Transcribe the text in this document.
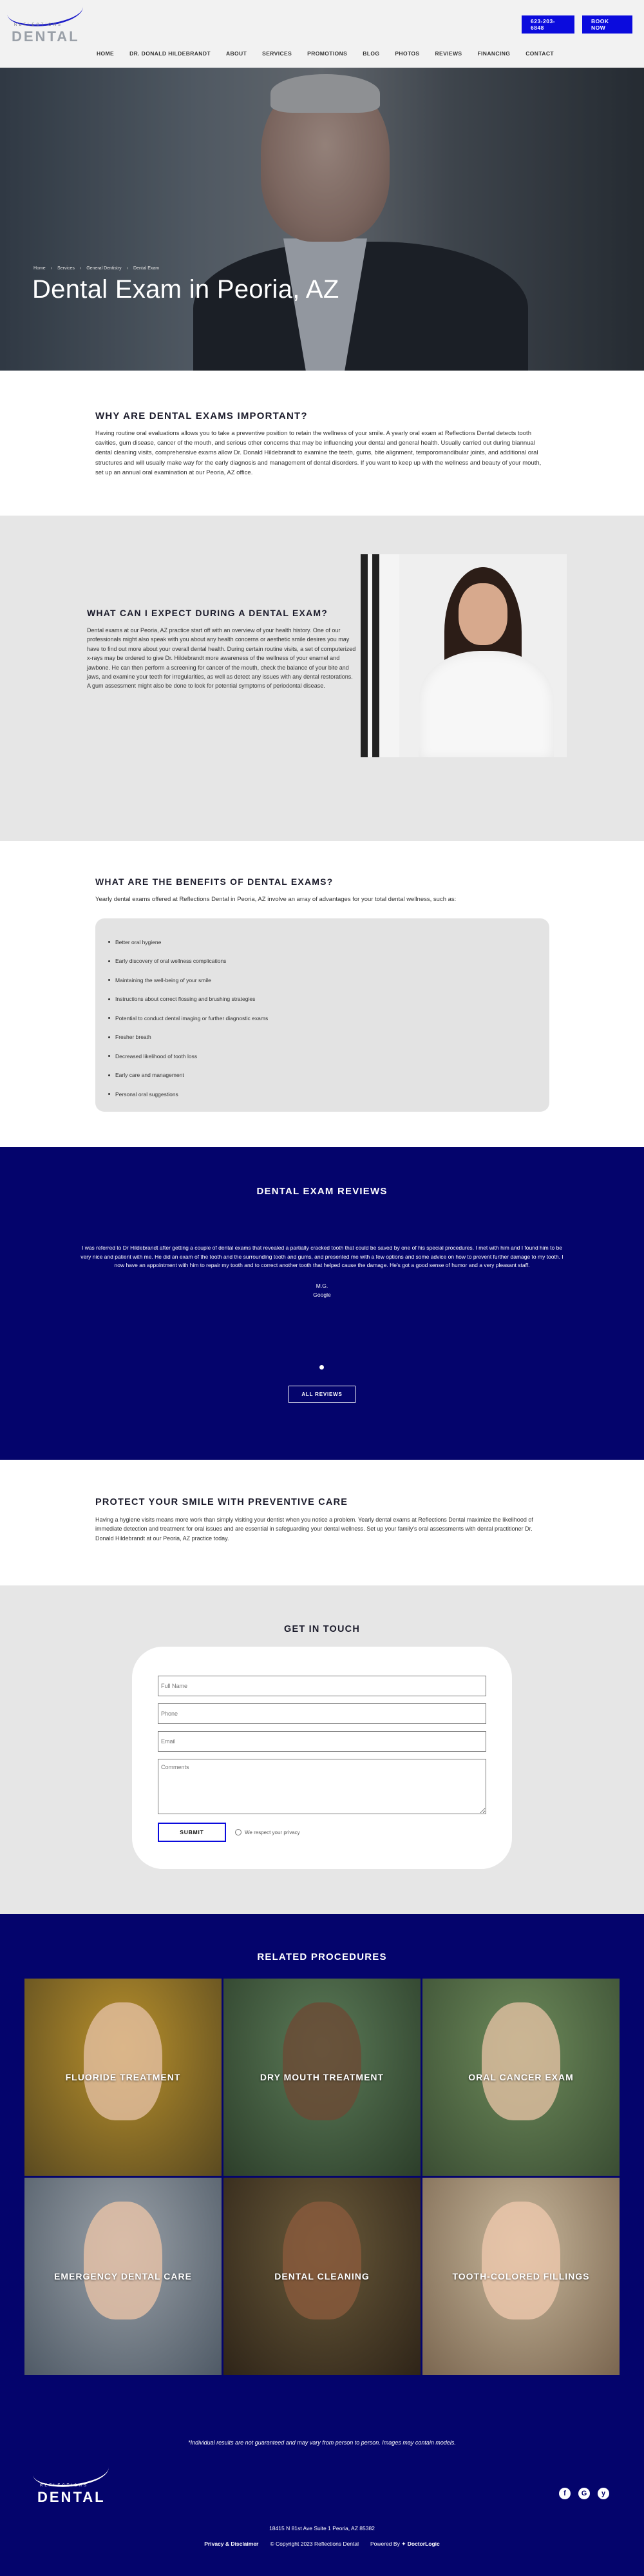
REFLECTIONS
DENTAL
623-203-6848
BOOK NOW
HOME	DR. DONALD HILDEBRANDT	ABOUT	SERVICES	PROMOTIONS	BLOG	PHOTOS	REVIEWS	FINANCING	CONTACT
Home › Services › General Dentistry › Dental Exam
Dental Exam in Peoria, AZ
WHY ARE DENTAL EXAMS IMPORTANT?

Having routine oral evaluations allows you to take a preventive position to retain the wellness of your smile. A yearly oral exam at Reflections Dental detects tooth cavities, gum disease, cancer of the mouth, and serious other concerns that may be influencing your dental and general health. Usually carried out during biannual dental cleaning visits, comprehensive exams allow Dr. Donald Hildebrandt to examine the teeth, gums, bite alignment, temporomandibular joints, and additional oral structures and will usually make way for the early diagnosis and management of dental disorders. If you want to keep up with the wellness and beauty of your mouth, set up an annual oral examination at our Peoria, AZ office.

WHAT CAN I EXPECT DURING A DENTAL EXAM?

Dental exams at our Peoria, AZ practice start off with an overview of your health history. One of our professionals might also speak with you about any health concerns or aesthetic smile desires you may have to find out more about your overall dental health. During certain routine visits, a set of computerized x-rays may be ordered to give Dr. Hildebrandt more awareness of the wellness of your enamel and jawbone. He can then perform a screening for cancer of the mouth, check the balance of your bite and jaws, and examine your teeth for irregularities, as well as detect any issues with any dental restorations. A gum assessment might also be done to look for potential symptoms of periodontal disease.

WHAT ARE THE BENEFITS OF DENTAL EXAMS?

Yearly dental exams offered at Reflections Dental in Peoria, AZ involve an array of advantages for your total dental wellness, such as:

Better oral hygiene
Early discovery of oral wellness complications
Maintaining the well-being of your smile
Instructions about correct flossing and brushing strategies
Potential to conduct dental imaging or further diagnostic exams
Fresher breath
Decreased likelihood of tooth loss
Early care and management
Personal oral suggestions
DENTAL EXAM REVIEWS

I was referred to Dr Hildebrandt after getting a couple of dental exams that revealed a partially cracked tooth that could be saved by one of his special procedures. I met with him and I found him to be very nice and patient with me. He did an exam of the tooth and the surrounding tooth and gums, and presented me with a few options and some advice on how to prevent further damage to my tooth. I now have an appointment with him to repair my tooth and to correct another tooth that helped cause the damage. He's got a good sense of humor and a very pleasant staff.

M.G.
Google
ALL REVIEWS
PROTECT YOUR SMILE WITH PREVENTIVE CARE

Having a hygiene visits means more work than simply visiting your dentist when you notice a problem. Yearly dental exams at Reflections Dental maximize the likelihood of immediate detection and treatment for oral issues and are essential in safeguarding your dental wellness. Set up your family's oral assessments with dental practitioner Dr. Donald Hildebrandt at our Peoria, AZ practice today.

GET IN TOUCH
Full Name Phone Email Comments
SUBMIT	We respect your privacy
RELATED PROCEDURES
FLUORIDE TREATMENT	DRY MOUTH TREATMENT	ORAL CANCER EXAM
EMERGENCY DENTAL CARE	DENTAL CLEANING	TOOTH-COLORED FILLINGS
*Individual results are not guaranteed and may vary from person to person. Images may contain models.
REFLECTIONS
DENTAL	f	G	y
18415 N 81st Ave Suite 1 Peoria, AZ 85382
Privacy & Disclaimer © Copyright 2023 Reflections Dental Powered By ✦ DoctorLogic
